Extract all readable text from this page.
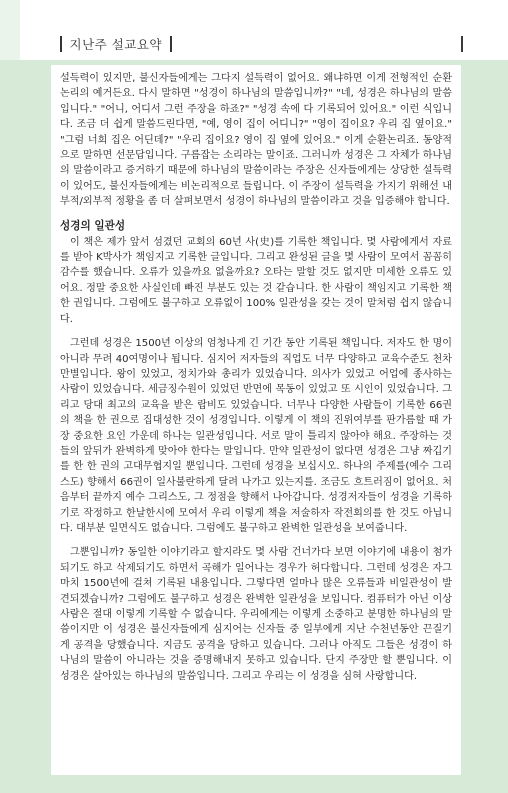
지난주 설교요약

설득력이 있지만, 불신자들에게는 그다지 설득력이 없어요. 왜냐하면 이게 전형적인 순환논리의 예거든요. 다시 말하면 "성경이 하나님의 말씀입니까?" "네, 성경은 하나님의 말씀입니다." "어니, 어디서 그런 주장을 하죠?" "성경 속에 다 기록되어 있어요." 이런 식입니다. 조금 더 쉽게 말씀드린다면, "예, 영이 집이 어디니?" "영이 집이요? 우리 집 옆이요." "그럼 너희 집은 어딘데?" "우리 집이요? 영이 집 옆에 있어요." 이게 순환논리죠. 동양적으로 말하면 선문답입니다. 구름잡는 소리라는 말이죠. 그러니까 성경은 그 자체가 하나님의 말씀이라고 증거하기 때문에 하나님의 말씀이라는 주장은 신자들에게는 상당한 설득력이 있어도, 불신자들에게는 비논리적으로 들립니다. 이 주장이 설득력을 가지기 위해선 내부적/외부적 정황을 좀 더 살펴보면서 성경이 하나님의 말씀이라고 것을 입증해야 합니다.

성경의 일관성

이 책은 제가 앞서 섬겼던 교회의 60년 사(史)를 기록한 책입니다. 몇 사람에게서 자료를 받아 K박사가 책임지고 기록한 글입니다. 그리고 완성된 글을 몇 사람이 모여서 꼼꼼히 감수를 했습니다. 오류가 있을까요 없을까요? 오타는 말할 것도 없지만 미세한 오류도 있어요. 정말 중요한 사실인데 빠진 부분도 있는 것 같습니다. 한 사람이 책임지고 기록한 책 한 권입니다. 그럼에도 불구하고 오류없이 100% 일관성을 갖는 것이 말처럼 쉽지 않습니다.

그런데 성경은 1500년 이상의 엄청나게 긴 기간 동안 기록된 책입니다. 저자도 한 명이 아니라 무려 40여명이나 됩니다. 심지어 저자들의 직업도 너무 다양하고 교육수준도 천차만별입니다. 왕이 있었고, 정치가와 총리가 있었습니다. 의사가 있었고 어업에 종사하는 사람이 있었습니다. 세금징수원이 있었던 반면에 목동이 있었고 또 시인이 있었습니다. 그리고 당대 최고의 교육을 받은 랍비도 있었습니다. 너무나 다양한 사람들이 기록한 66권의 책을 한 권으로 집대성한 것이 성경입니다. 이렇게 이 책의 진위여부를 판가름할 때 가장 중요한 요인 가운데 하나는 일관성입니다. 서로 말이 틀리지 않아야 해요. 주장하는 것들의 앞뒤가 완벽하게 맞아야 한다는 말입니다. 만약 일관성이 없다면 성경은 그냥 짜깁기를 한 한 권의 고대무협지일 뿐입니다. 그런데 성경을 보십시오. 하나의 주제를(예수 그리스도) 향해서 66권이 일사불란하게 달려 나가고 있는지를. 조금도 흐트러짐이 없어요. 처음부터 끝까지 예수 그리스도, 그 정점을 향해서 나아갑니다. 성경저자들이 성경을 기록하기로 작정하고 한날한시에 모여서 우리 이렇게 책을 저술하자 작전회의를 한 것도 아닙니다. 대부분 일면식도 없습니다. 그럼에도 불구하고 완벽한 일관성을 보여줍니다.

그뿐입니까? 동일한 이야기라고 할지라도 몇 사람 건너가다 보면 이야기에 내용이 첨가되기도 하고 삭제되기도 하면서 곡해가 일어나는 경우가 허다합니다. 그런데 성경은 자그마치 1500년에 걸쳐 기록된 내용입니다. 그렇다면 얼마나 많은 오류들과 비일관성이 발견되겠습니까? 그럼에도 불구하고 성경은 완벽한 일관성을 보입니다. 컴퓨터가 아닌 이상 사람은 절대 이렇게 기록할 수 없습니다. 우리에게는 이렇게 소중하고 분명한 하나님의 말씀이지만 이 성경은 불신자들에게 심지어는 신자들 중 일부에게 지난 수천년동안 끈질기게 공격을 당했습니다. 지금도 공격을 당하고 있습니다. 그러나 아직도 그들은 성경이 하나님의 말씀이 아니라는 것을 증명해내지 못하고 있습니다. 단지 주장만 할 뿐입니다. 이 성경은 살아있는 하나님의 말씀입니다. 그리고 우리는 이 성경을 심혀 사랑합니다.
